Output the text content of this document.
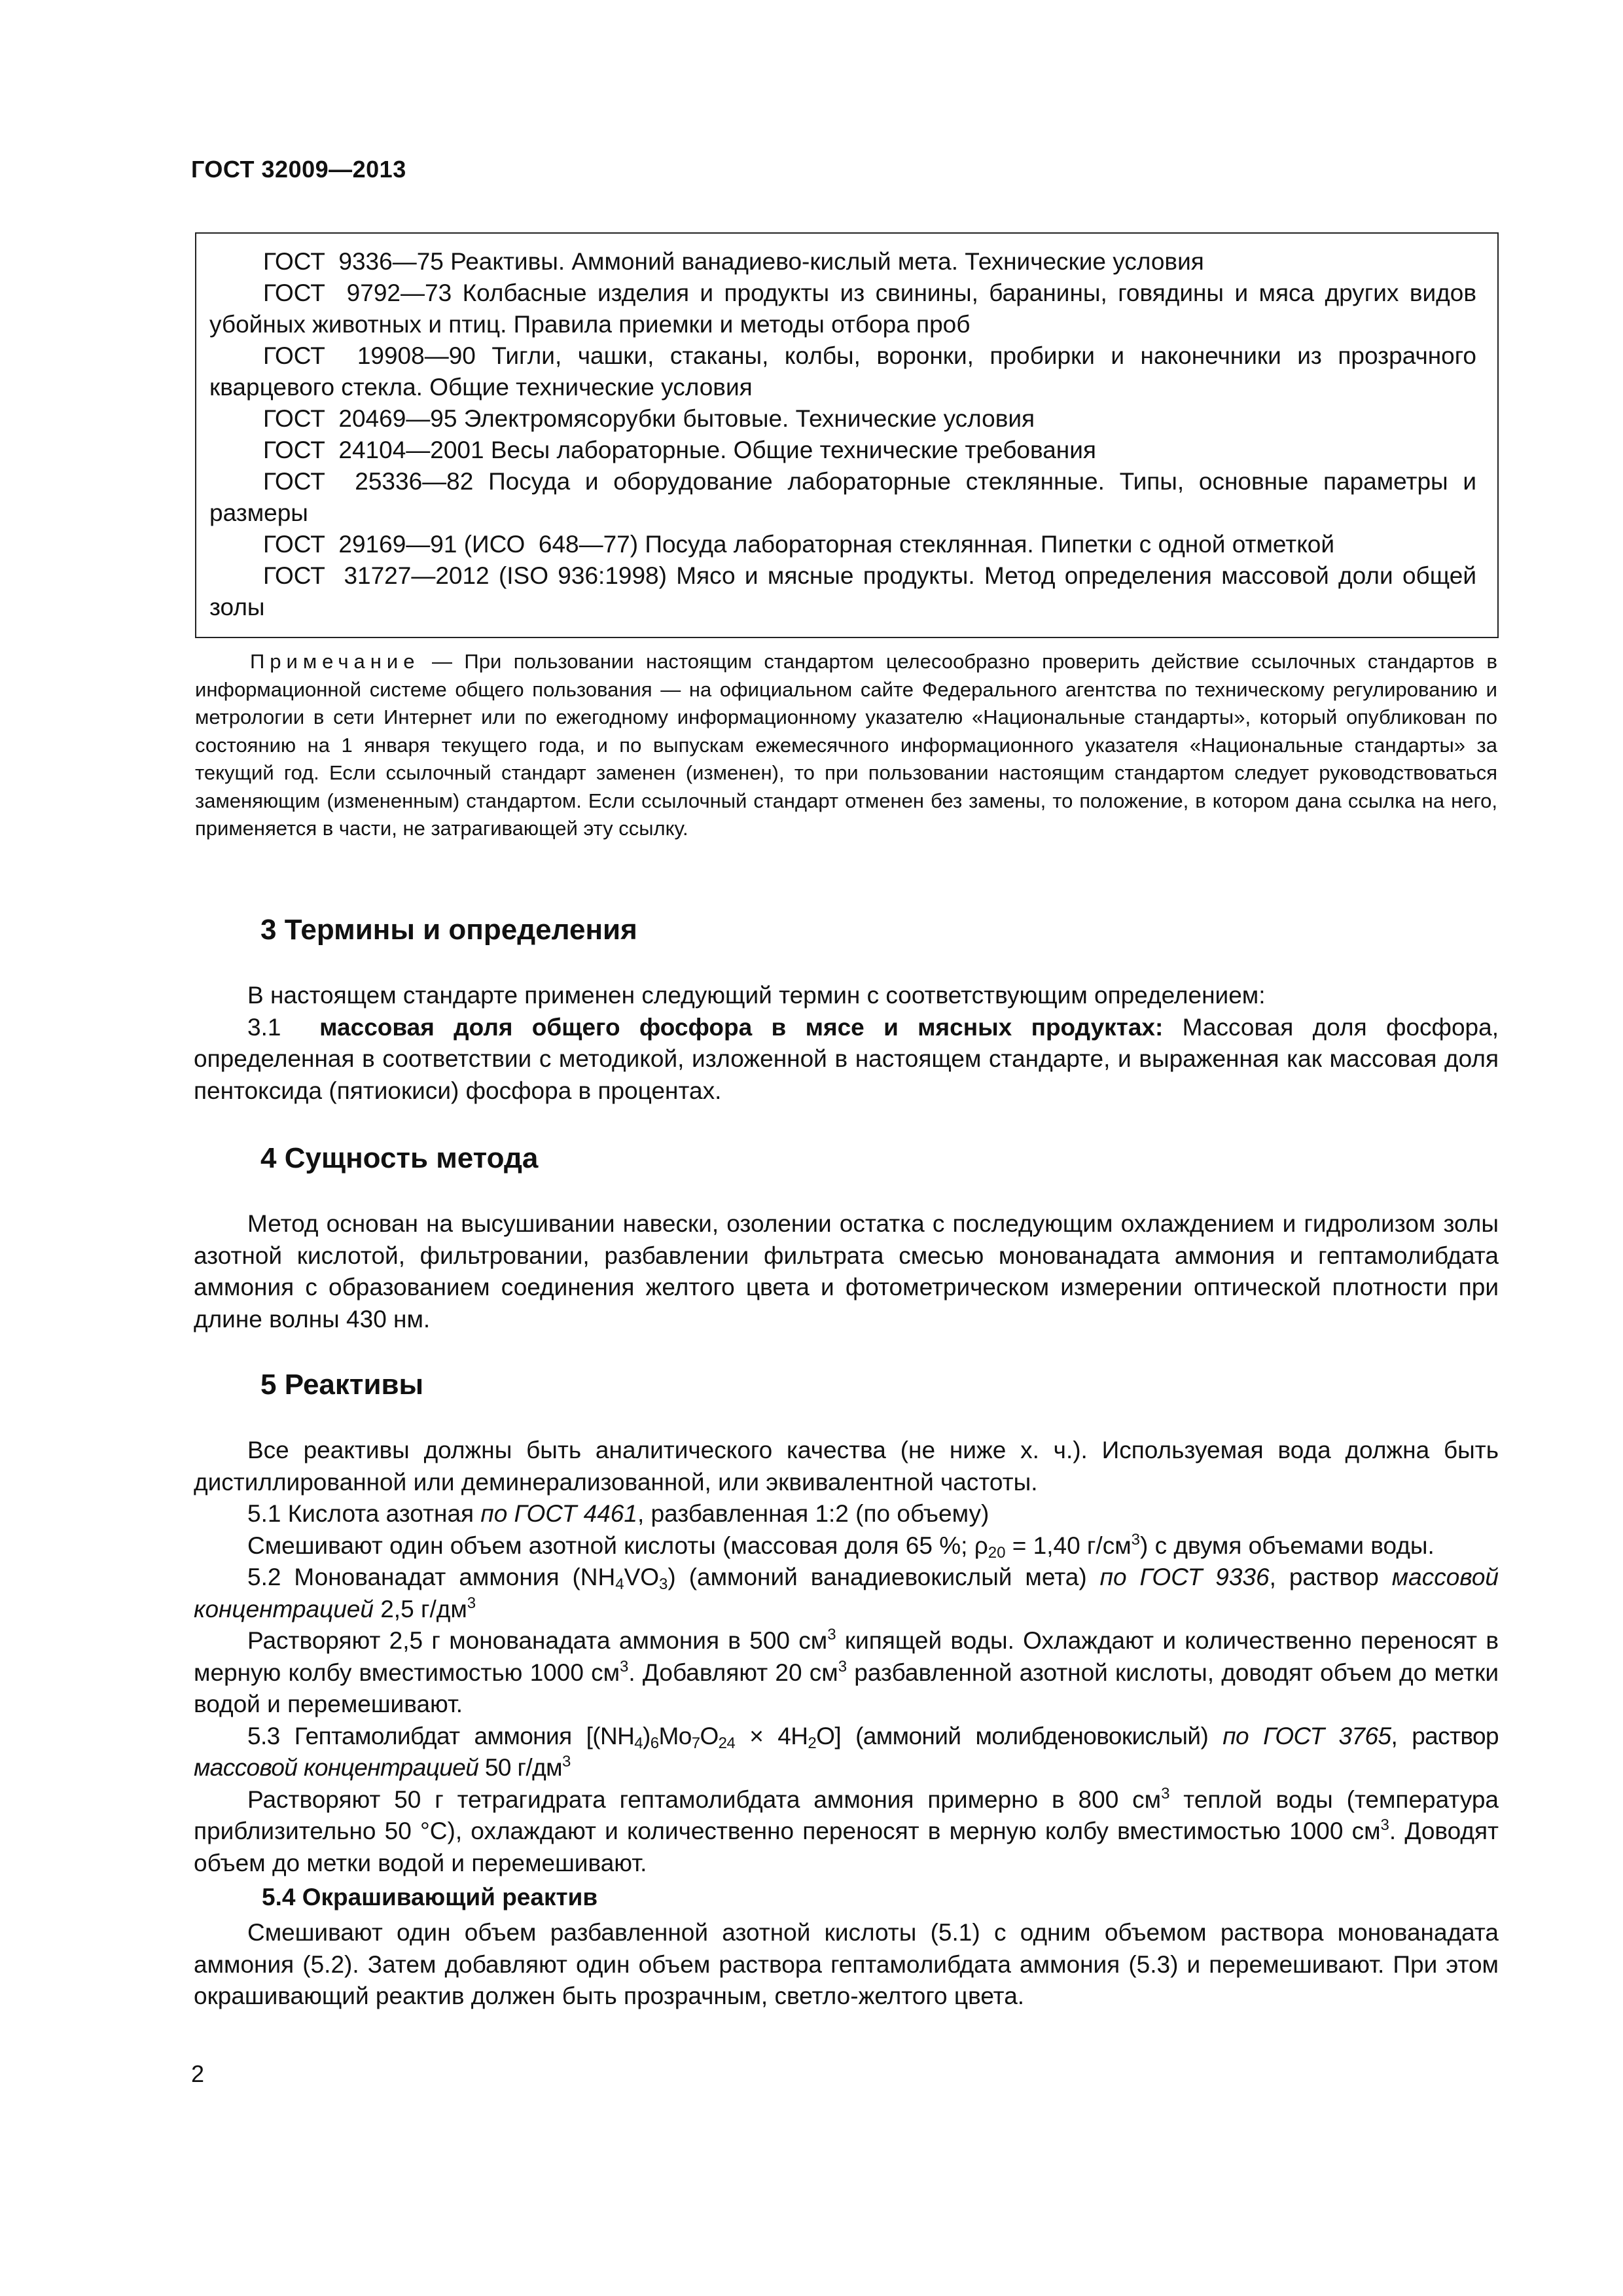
ГОСТ 32009—2013

ГОСТ  9336—75 Реактивы. Аммоний ванадиево-кислый мета. Технические условия

ГОСТ  9792—73 Колбасные изделия и продукты из свинины, баранины, говядины и мяса других видов убойных животных и птиц. Правила приемки и методы отбора проб

ГОСТ  19908—90 Тигли, чашки, стаканы, колбы, воронки, пробирки и наконечники из прозрачного кварцевого стекла. Общие технические условия

ГОСТ  20469—95 Электромясорубки бытовые. Технические условия

ГОСТ  24104—2001 Весы лабораторные. Общие технические требования

ГОСТ  25336—82 Посуда и оборудование лабораторные стеклянные. Типы, основные параметры и размеры

ГОСТ  29169—91 (ИСО  648—77) Посуда лабораторная стеклянная. Пипетки с одной отметкой

ГОСТ  31727—2012 (ISO 936:1998) Мясо и мясные продукты. Метод определения массовой доли общей золы

Примечание — При пользовании настоящим стандартом целесообразно проверить действие ссылочных стандартов в информационной системе общего пользования — на официальном сайте Федерального агентства по техническому регулированию и метрологии в сети Интернет или по ежегодному информационному указателю «Национальные стандарты», который опубликован по состоянию на 1 января текущего года, и по выпускам ежемесячного информационного указателя «Национальные стандарты» за текущий год. Если ссылочный стандарт заменен (изменен), то при пользовании настоящим стандартом следует руководствоваться заменяющим (измененным) стандартом. Если ссылочный стандарт отменен без замены, то положение, в котором дана ссылка на него, применяется в части, не затрагивающей эту ссылку.

3 Термины и определения

В настоящем стандарте применен следующий термин с соответствующим определением:

3.1 массовая доля общего фосфора в мясе и мясных продуктах: Массовая доля фосфора, определенная в соответствии с методикой, изложенной в настоящем стандарте, и выраженная как массовая доля пентоксида (пятиокиси) фосфора в процентах.

4 Сущность метода

Метод основан на высушивании навески, озолении остатка с последующим охлаждением и гидролизом золы азотной кислотой, фильтровании, разбавлении фильтрата смесью монованадата аммония и гептамолибдата аммония с образованием соединения желтого цвета и фотометрическом измерении оптической плотности при длине волны 430 нм.

5 Реактивы

Все реактивы должны быть аналитического качества (не ниже х. ч.). Используемая вода должна быть дистиллированной или деминерализованной, или эквивалентной частоты.

5.1 Кислота азотная по ГОСТ 4461, разбавленная 1:2 (по объему)

Смешивают один объем азотной кислоты (массовая доля 65 %; $\rho_{20} = 1,40$ $г/см^3$) с двумя объемами воды.

5.2 Монованадат аммония $(NH_4VO_3)$ (аммоний ванадиевокислый мета) по ГОСТ 9336, раствор массовой концентрацией 2,5 $г/дм^3$

Растворяют 2,5 г монованадата аммония в 500 $см^3$ кипящей воды. Охлаждают и количественно переносят в мерную колбу вместимостью 1000 $см^3$. Добавляют 20 $см^3$ разбавленной азотной кислоты, доводят объем до метки водой и перемешивают.

5.3 Гептамолибдат аммония $[(NH_4)_6Mo_7O_{24} \times 4H_2O]$ (аммоний молибденовокислый) по ГОСТ 3765, раствор массовой концентрацией 50 $г/дм^3$

Растворяют 50 г тетрагидрата гептамолибдата аммония примерно в 800 $см^3$ теплой воды (температура приблизительно 50 °С), охлаждают и количественно переносят в мерную колбу вместимостью 1000 $см^3$. Доводят объем до метки водой и перемешивают.

5.4 Окрашивающий реактив

Смешивают один объем разбавленной азотной кислоты (5.1) с одним объемом раствора монованадата аммония (5.2). Затем добавляют один объем раствора гептамолибдата аммония (5.3) и перемешивают. При этом окрашивающий реактив должен быть прозрачным, светло-желтого цвета.

2
